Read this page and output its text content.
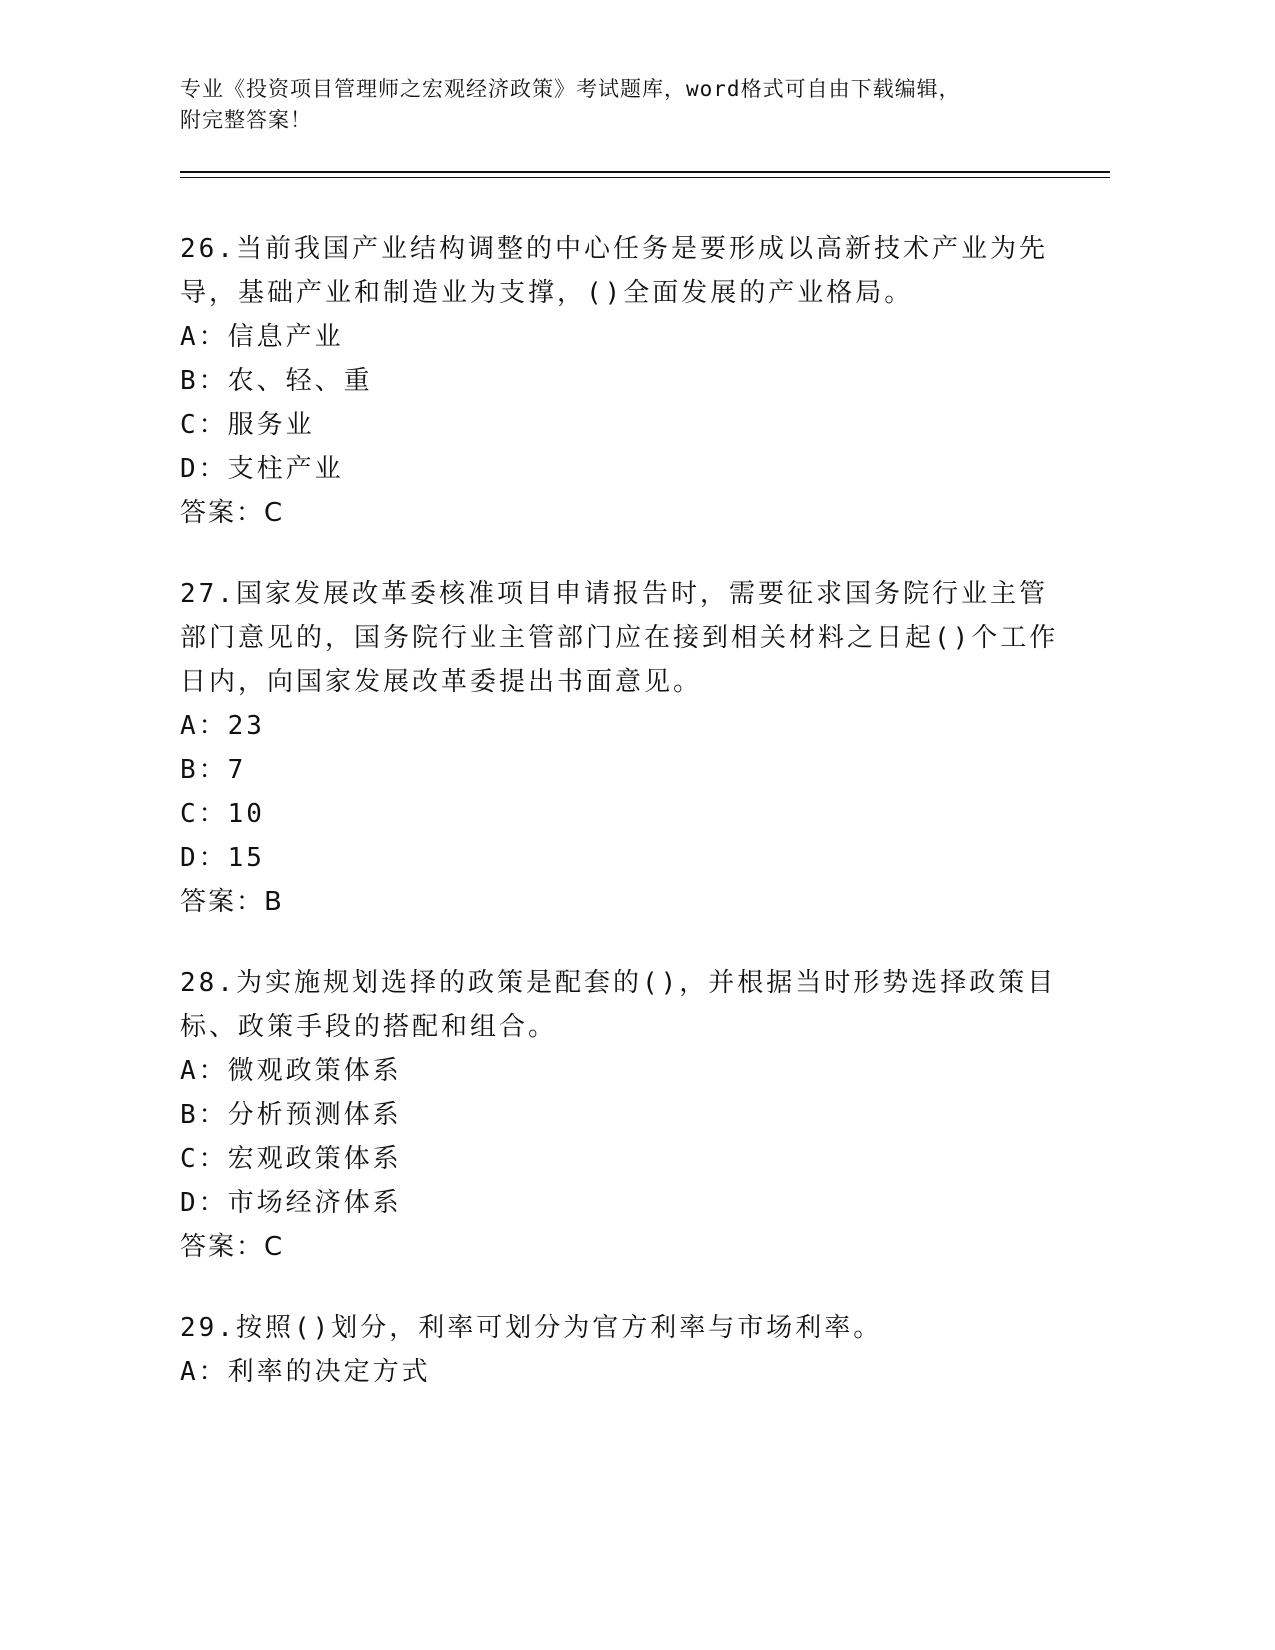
专业《投资项目管理师之宏观经济政策》考试题库，word格式可自由下载编辑，
附完整答案！
26.当前我国产业结构调整的中心任务是要形成以高新技术产业为先导，基础产业和制造业为支撑，()全面发展的产业格局。
A：信息产业
B：农、轻、重
C：服务业
D：支柱产业
答案：C
27.国家发展改革委核准项目申请报告时，需要征求国务院行业主管部门意见的，国务院行业主管部门应在接到相关材料之日起()个工作日内，向国家发展改革委提出书面意见。
A：23
B：7
C：10
D：15
答案：B
28.为实施规划选择的政策是配套的()，并根据当时形势选择政策目标、政策手段的搭配和组合。
A：微观政策体系
B：分析预测体系
C：宏观政策体系
D：市场经济体系
答案：C
29.按照()划分，利率可划分为官方利率与市场利率。
A：利率的决定方式
